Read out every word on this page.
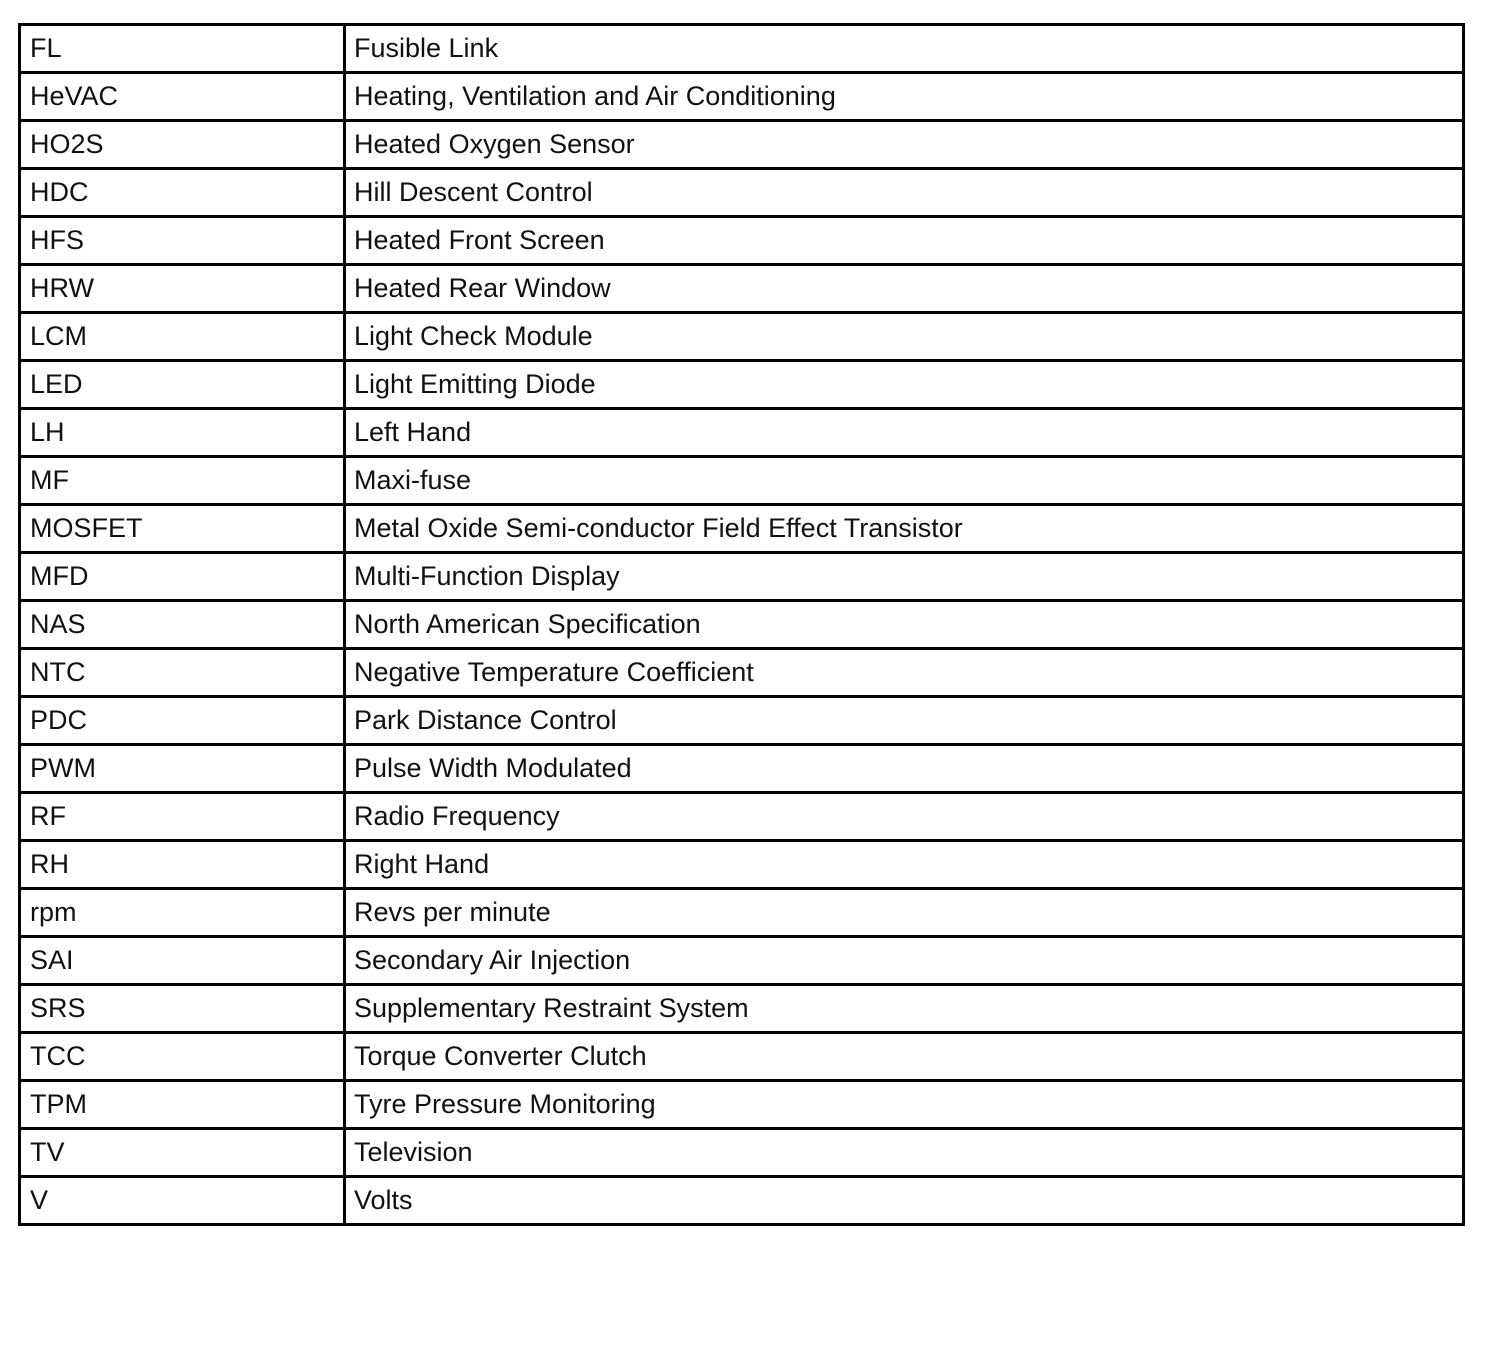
FL	Fusible Link
HeVAC	Heating, Ventilation and Air Conditioning
HO2S	Heated Oxygen Sensor
HDC	Hill Descent Control
HFS	Heated Front Screen
HRW	Heated Rear Window
LCM	Light Check Module
LED	Light Emitting Diode
LH	Left Hand
MF	Maxi-fuse
MOSFET	Metal Oxide Semi-conductor Field Effect Transistor
MFD	Multi-Function Display
NAS	North American Specification
NTC	Negative Temperature Coefficient
PDC	Park Distance Control
PWM	Pulse Width Modulated
RF	Radio Frequency
RH	Right Hand
rpm	Revs per minute
SAI	Secondary Air Injection
SRS	Supplementary Restraint System
TCC	Torque Converter Clutch
TPM	Tyre Pressure Monitoring
TV	Television
V	Volts
